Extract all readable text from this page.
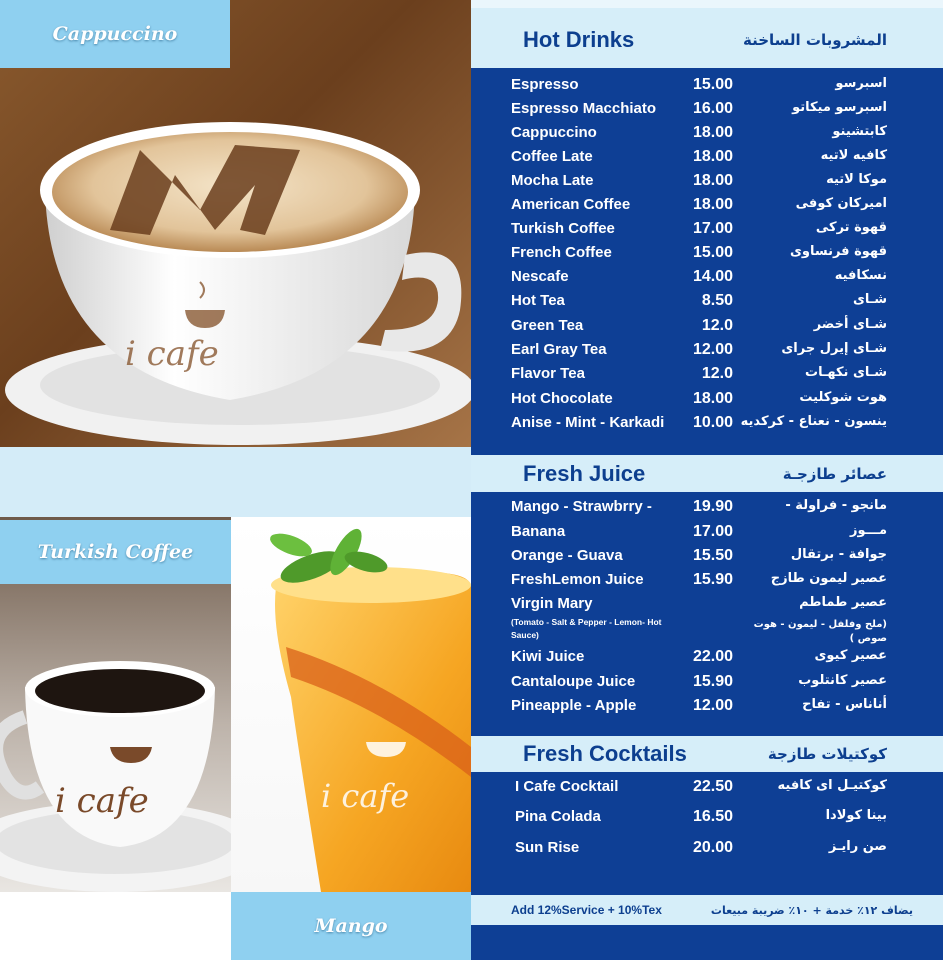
i cafe
Cappuccino
i cafe
Turkish Coffee
i cafe
Mango
Hot Drinks	المشروبات الساخنة
Espresso	15.00	اسبرسو
Espresso Macchiato	16.00	اسبرسو ميكاتو
Cappuccino	18.00	كابتشينو
Coffee Late	18.00	كافيه لاتيه
Mocha Late	18.00	موكا لاتيه
American Coffee	18.00	اميركان كوفى
Turkish Coffee	17.00	قهوة تركى
French Coffee	15.00	قهوة فرنساوى
Nescafe	14.00	نسكافيه
Hot Tea	8.50	شـاى
Green Tea	12.0	شـاى أخضر
Earl Gray Tea	12.00	شـاى إيرل جراى
Flavor Tea	12.0	شـاى نكهـات
Hot Chocolate	18.00	هوت شوكليت
Anise - Mint - Karkadi	10.00 ينسون - نعناع - كركديه
Fresh Juice	عصائر طازجـة
Mango - Strawbrry -	19.90	مانجو - فراولة -
Banana	17.00	مـــوز
Orange - Guava	15.50	جوافة - برتقال
FreshLemon Juice	15.90	عصير ليمون طازج
Virgin Mary	عصير طماطم
(Tomato - Salt & Pepper - Lemon- Hot Sauce)
(ملح وفلفل - ليمون - هوت صوص )
Kiwi Juice	22.00	عصير كيوى
Cantaloupe Juice	15.90	عصير كانتلوب
Pineapple - Apple	12.00	أناناس - تفاح
Fresh Cocktails	كوكتيلات طازجة
I Cafe Cocktail	22.50	كوكتيـل اى كافيه
Pina Colada	16.50	بينا كولادا
Sun Rise	20.00	صن رايـز
Add 12%Service + 10%Tex	يضاف ١٢٪ خدمة + ١٠٪ ضريبة مبيعات
